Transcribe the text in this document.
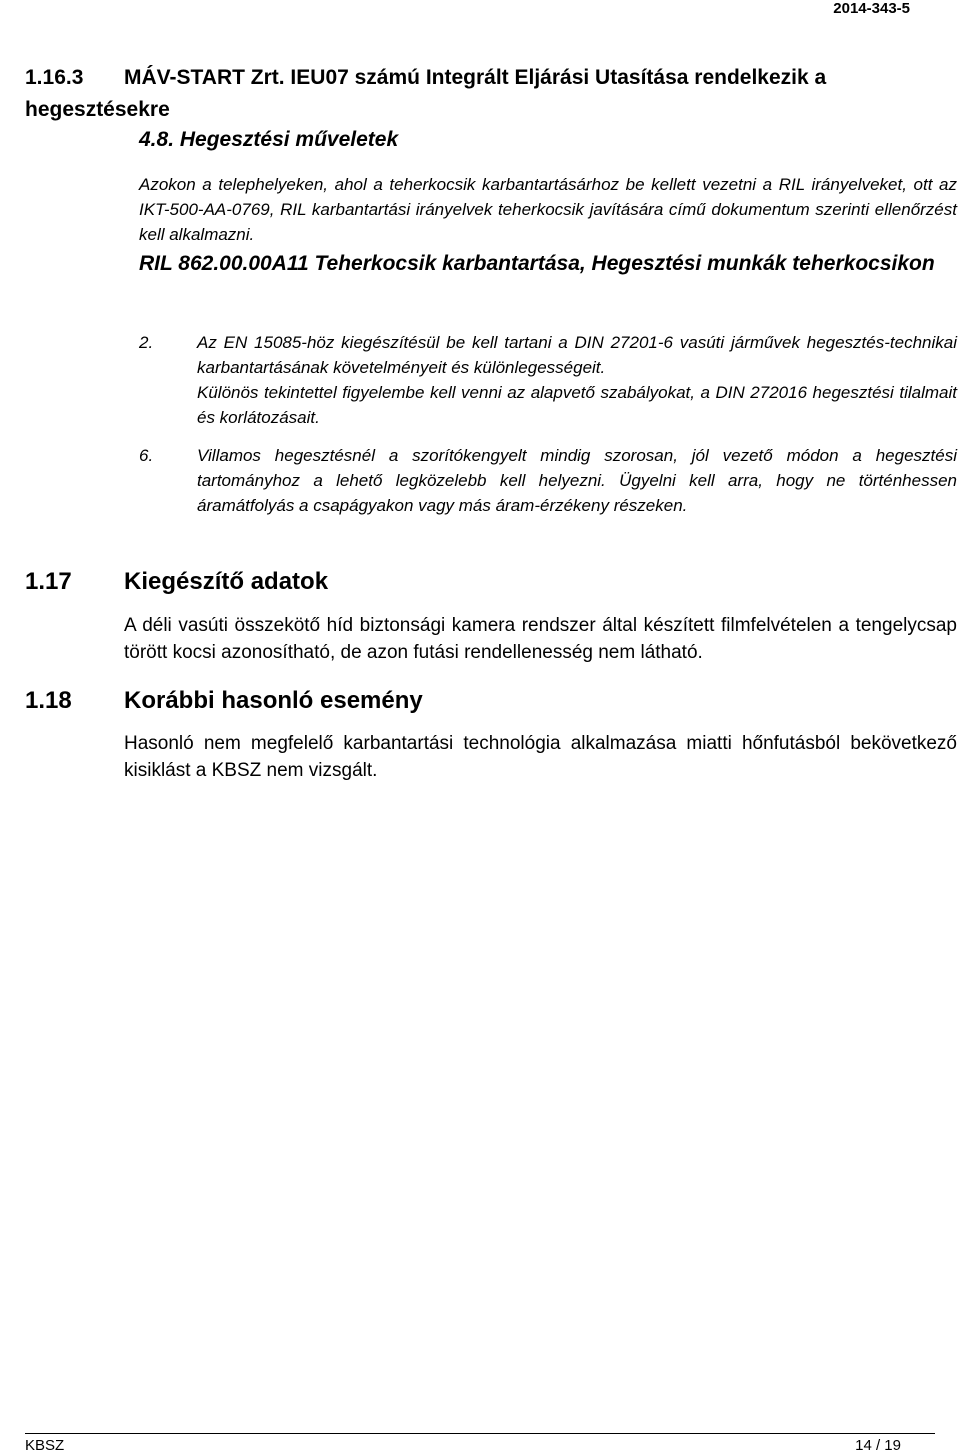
2014-343-5
1.16.3 MÁV-START Zrt. IEU07 számú Integrált Eljárási Utasítása rendelkezik a hegesztésekre
4.8. Hegesztési műveletek
Azokon a telephelyeken, ahol a teherkocsik karbantartásárhoz be kellett vezetni a RIL irányelveket, ott az IKT-500-AA-0769, RIL karbantartási irányelvek teherkocsik javítására című dokumentum szerinti ellenőrzést kell alkalmazni.
RIL 862.00.00A11 Teherkocsik karbantartása, Hegesztési munkák teherkocsikon
2.	Az EN 15085-höz kiegészítésül be kell tartani a DIN 27201-6 vasúti járművek hegesztés-technikai karbantartásának követelményeit és különlegességeit.

Különös tekintettel figyelembe kell venni az alapvető szabályokat, a DIN 272016 hegesztési tilalmait és korlátozásait.

6.	Villamos hegesztésnél a szorítókengyelt mindig szorosan, jól vezető módon a hegesztési tartományhoz a lehető legközelebb kell helyezni. Ügyelni kell arra, hogy ne történhessen áramátfolyás a csapágyakon vagy más áram-érzékeny részeken.

1.17 Kiegészítő adatok
A déli vasúti összekötő híd biztonsági kamera rendszer által készített filmfelvételen a tengelycsap törött kocsi azonosítható, de azon futási rendellenesség nem látható.
1.18 Korábbi hasonló esemény
Hasonló nem megfelelő karbantartási technológia alkalmazása miatti hőnfutásból bekövetkező kisiklást a KBSZ nem vizsgált.
KBSZ	14 / 19
